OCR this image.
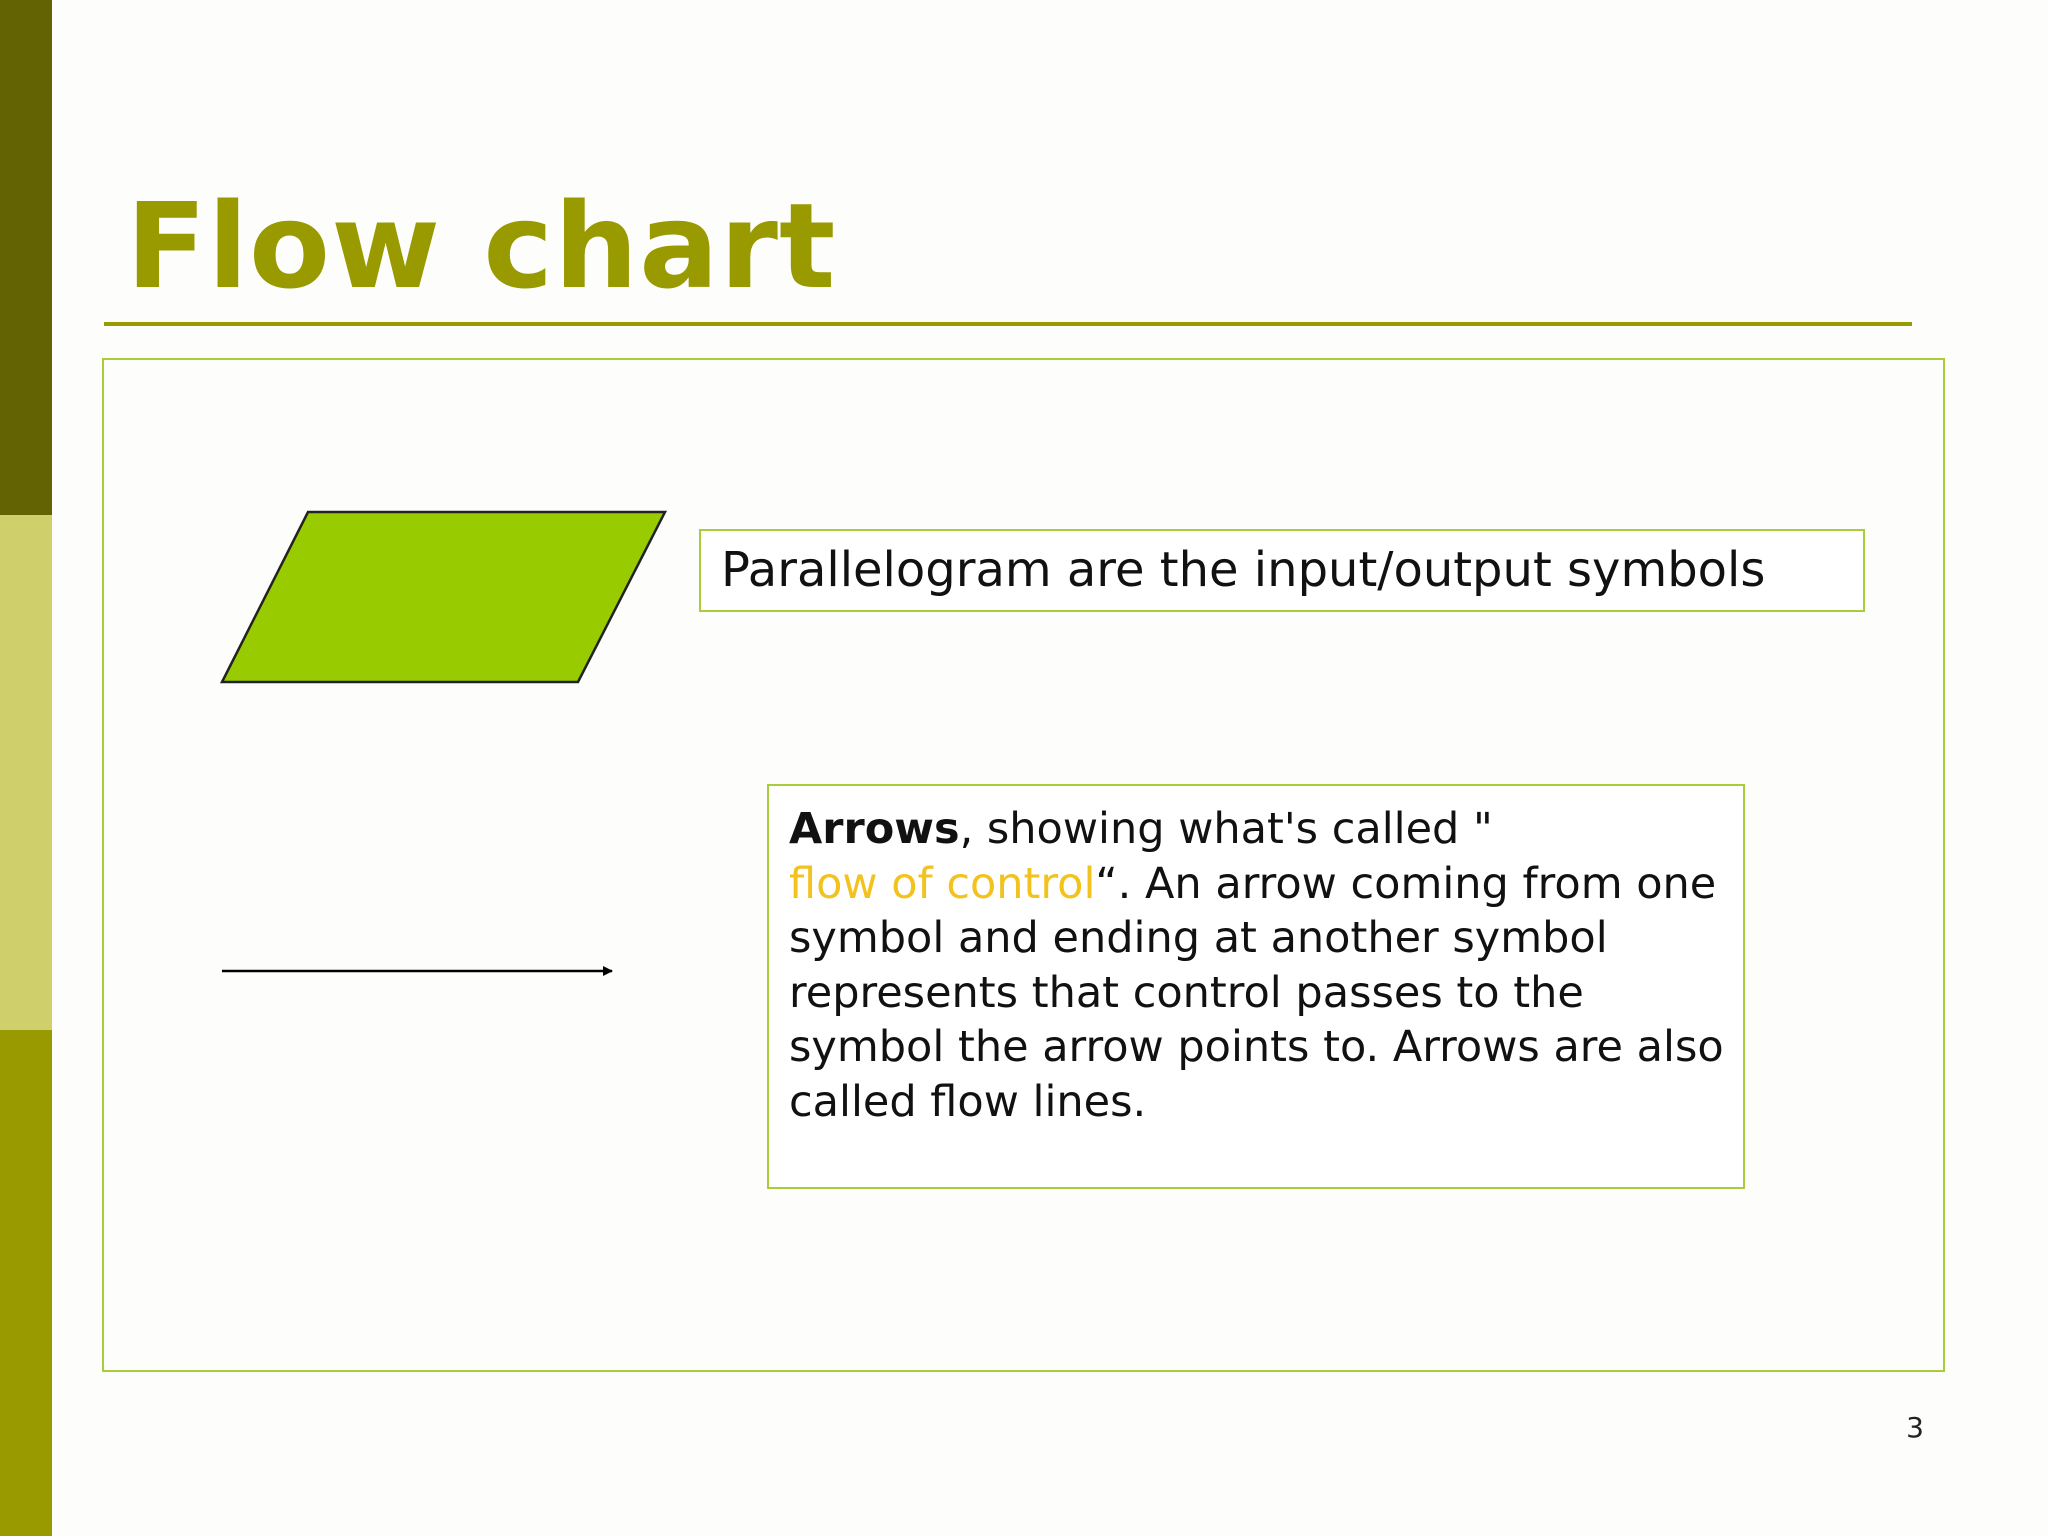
Flow chart
Parallelogram are the input/output symbols
Arrows, showing what's called "
flow of control“. An arrow coming from one symbol and ending at another symbol represents that control passes to the symbol the arrow points to. Arrows are also called flow lines.
3
